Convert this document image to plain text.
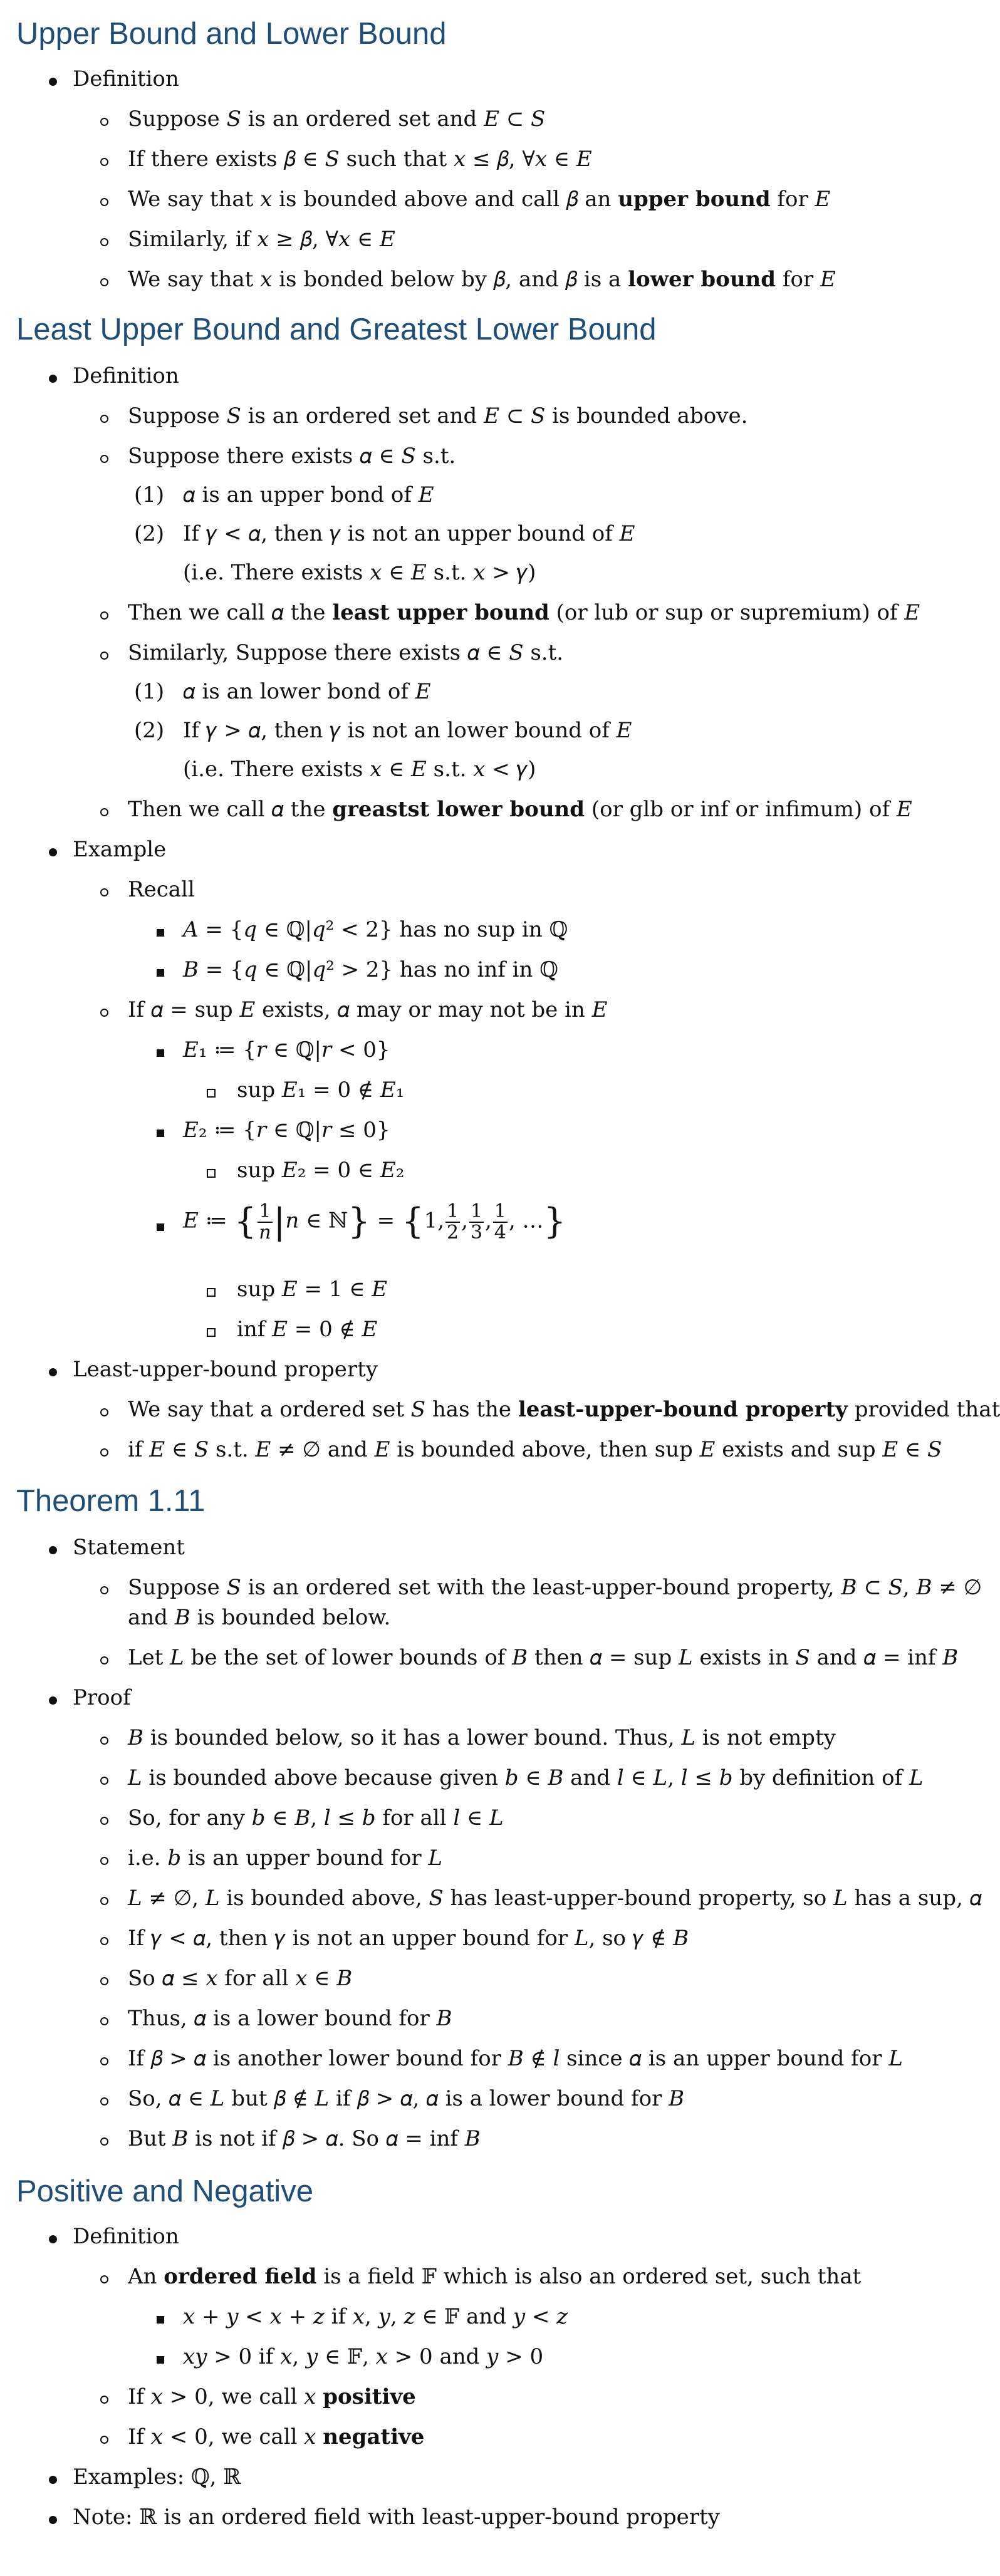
Upper Bound and Lower Bound
Definition
Suppose 𝑆 is an ordered set and 𝐸 ⊂ 𝑆
If there exists 𝛽 ∈ 𝑆 such that 𝑥 ≤ 𝛽, ∀𝑥 ∈ 𝐸
We say that 𝑥 is bounded above and call 𝛽 an upper bound for 𝐸
Similarly, if 𝑥 ≥ 𝛽, ∀𝑥 ∈ 𝐸
We say that 𝑥 is bonded below by 𝛽, and 𝛽 is a lower bound for 𝐸
Least Upper Bound and Greatest Lower Bound
Definition
Suppose 𝑆 is an ordered set and 𝐸 ⊂ 𝑆 is bounded above.
Suppose there exists 𝛼 ∈ 𝑆 s.t.
(1) 𝛼 is an upper bond of 𝐸
(2) If 𝛾 < 𝛼, then 𝛾 is not an upper bound of 𝐸
(i.e. There exists 𝑥 ∈ 𝐸 s.t. 𝑥 > 𝛾)
Then we call 𝛼 the least upper bound (or lub or sup or supremium) of 𝐸
Similarly, Suppose there exists 𝛼 ∈ 𝑆 s.t.
(1) 𝛼 is an lower bond of 𝐸
(2) If 𝛾 > 𝛼, then 𝛾 is not an lower bound of 𝐸
(i.e. There exists 𝑥 ∈ 𝐸 s.t. 𝑥 < 𝛾)
Then we call 𝛼 the greastst lower bound (or glb or inf or infimum) of 𝐸
Example
Recall
𝐴 = {𝑞 ∈ ℚ|𝑞² < 2} has no sup in ℚ
𝐵 = {𝑞 ∈ ℚ|𝑞² > 2} has no inf in ℚ
If 𝛼 = sup 𝐸 exists, 𝛼 may or may not be in 𝐸
𝐸₁ ≔ {𝑟 ∈ ℚ|𝑟 < 0}
sup 𝐸₁ = 0 ∉ 𝐸₁
𝐸₂ ≔ {𝑟 ∈ ℚ|𝑟 ≤ 0}
sup 𝐸₂ = 0 ∈ 𝐸₂
𝐸 ≔ { $\frac{1}{\text{𝑛}}$ |𝑛 ∈ ℕ} = {1, $\frac{1}{2}$ , $\frac{1}{3}$ , $\frac{1}{4}$ , …}
sup 𝐸 = 1 ∈ 𝐸
inf 𝐸 = 0 ∉ 𝐸
Least-upper-bound property
We say that a ordered set 𝑆 has the least-upper-bound property provided that
if 𝐸 ∈ 𝑆 s.t. 𝐸 ≠ ∅ and 𝐸 is bounded above, then sup 𝐸 exists and sup 𝐸 ∈ 𝑆
Theorem 1.11
Statement
Suppose 𝑆 is an ordered set with the least-upper-bound property, 𝐵 ⊂ 𝑆, 𝐵 ≠ ∅
and 𝐵 is bounded below.
Let 𝐿 be the set of lower bounds of 𝐵 then 𝛼 = sup 𝐿 exists in 𝑆 and 𝛼 = inf 𝐵
Proof
𝐵 is bounded below, so it has a lower bound. Thus, 𝐿 is not empty
𝐿 is bounded above because given 𝑏 ∈ 𝐵 and 𝑙 ∈ 𝐿, 𝑙 ≤ 𝑏 by definition of 𝐿
So, for any 𝑏 ∈ 𝐵, 𝑙 ≤ 𝑏 for all 𝑙 ∈ 𝐿
i.e. 𝑏 is an upper bound for 𝐿
𝐿 ≠ ∅, 𝐿 is bounded above, 𝑆 has least-upper-bound property, so 𝐿 has a sup, 𝛼
If 𝛾 < 𝛼, then 𝛾 is not an upper bound for 𝐿, so 𝛾 ∉ 𝐵
So 𝛼 ≤ 𝑥 for all 𝑥 ∈ 𝐵
Thus, 𝛼 is a lower bound for 𝐵
If 𝛽 > 𝛼 is another lower bound for 𝐵 ∉ 𝑙 since 𝛼 is an upper bound for 𝐿
So, 𝛼 ∈ 𝐿 but 𝛽 ∉ 𝐿 if 𝛽 > 𝛼, 𝛼 is a lower bound for 𝐵
But 𝐵 is not if 𝛽 > 𝛼. So 𝛼 = inf 𝐵
Positive and Negative
Definition
An ordered field is a field 𝔽 which is also an ordered set, such that
𝑥 + 𝑦 < 𝑥 + 𝑧 if 𝑥, 𝑦, 𝑧 ∈ 𝔽 and 𝑦 < 𝑧
𝑥𝑦 > 0 if 𝑥, 𝑦 ∈ 𝔽, 𝑥 > 0 and 𝑦 > 0
If 𝑥 > 0, we call 𝑥 positive
If 𝑥 < 0, we call 𝑥 negative
Examples: ℚ, ℝ
Note: ℝ is an ordered field with least-upper-bound property
